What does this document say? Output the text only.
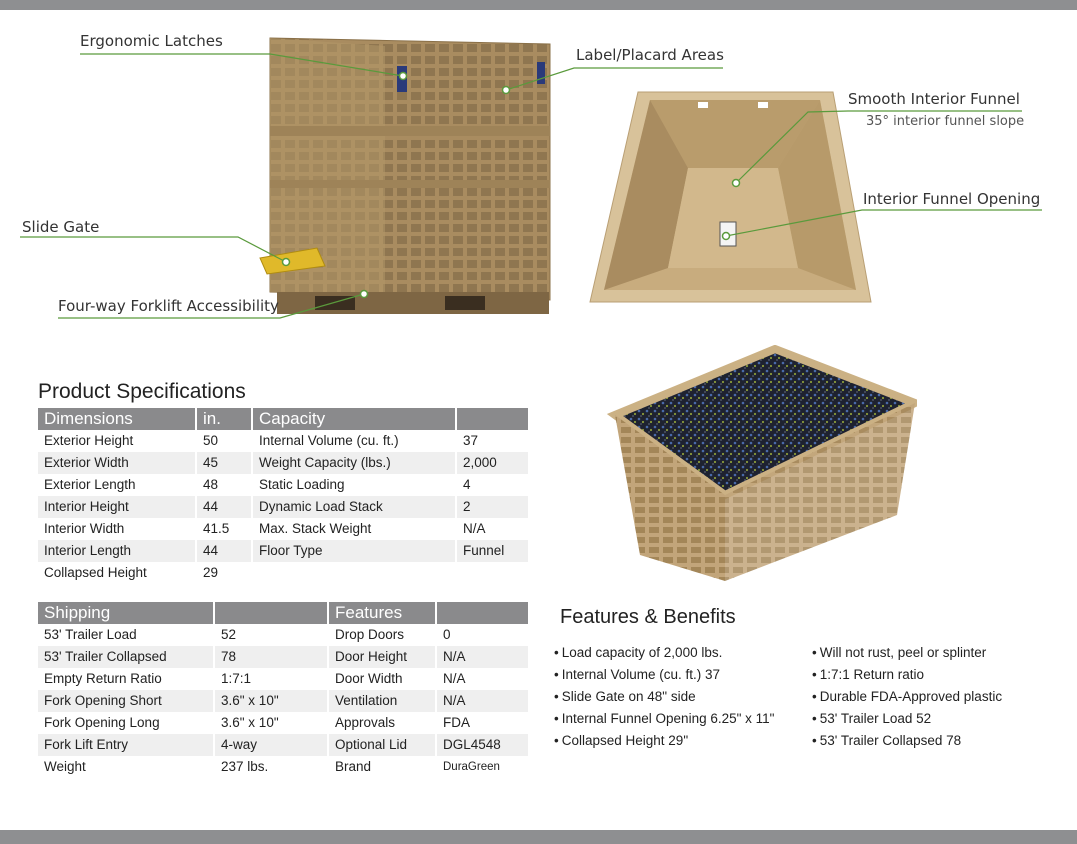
Ergonomic Latches
Label/Placard Areas
Smooth Interior Funnel
35° interior funnel slope
Interior Funnel Opening
Slide Gate
Four-way Forklift Accessibility
Product Specifications
Dimensions	in.	Capacity	
Exterior Height	50	Internal Volume (cu. ft.)	37
Exterior Width	45	Weight Capacity (lbs.)	2,000
Exterior Length	48	Static Loading	4
Interior Height	44	Dynamic Load Stack	2
Interior Width	41.5	Max. Stack Weight	N/A
Interior Length	44	Floor Type	Funnel
Collapsed Height	29		
Shipping		Features	
53' Trailer Load	52	Drop Doors	0
53' Trailer Collapsed	78	Door Height	N/A
Empty Return Ratio	1:7:1	Door Width	N/A
Fork Opening Short	3.6" x 10"	Ventilation	N/A
Fork Opening Long	3.6" x 10"	Approvals	FDA
Fork Lift Entry	4-way	Optional Lid	DGL4548
Weight	237 lbs.	Brand	DuraGreen
Features & Benefits
• Load capacity of 2,000 lbs.
• Internal Volume (cu. ft.) 37
• Slide Gate on 48" side
• Internal Funnel Opening 6.25" x 11"
• Collapsed Height 29"
• Will not rust, peel or splinter
• 1:7:1 Return ratio
• Durable FDA-Approved plastic
• 53' Trailer Load 52
• 53' Trailer Collapsed 78
